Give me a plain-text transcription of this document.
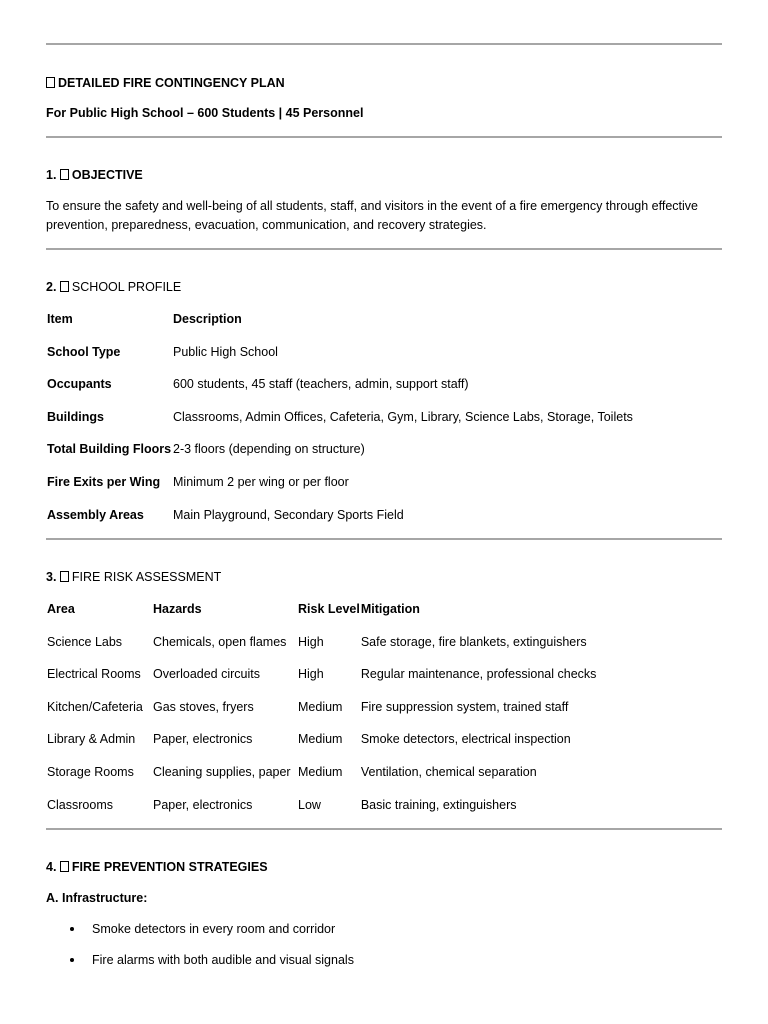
DETAILED FIRE CONTINGENCY PLAN
For Public High School – 600 Students | 45 Personnel
1. OBJECTIVE
To ensure the safety and well-being of all students, staff, and visitors in the event of a fire emergency through effective prevention, preparedness, evacuation, communication, and recovery strategies.
2. SCHOOL PROFILE
Item	Description
School Type	Public High School
Occupants	600 students, 45 staff (teachers, admin, support staff)
Buildings	Classrooms, Admin Offices, Cafeteria, Gym, Library, Science Labs, Storage, Toilets
Total Building Floors	2-3 floors (depending on structure)
Fire Exits per Wing	Minimum 2 per wing or per floor
Assembly Areas	Main Playground, Secondary Sports Field
3. FIRE RISK ASSESSMENT
Area	Hazards	Risk Level	Mitigation
Science Labs	Chemicals, open flames	High	Safe storage, fire blankets, extinguishers
Electrical Rooms	Overloaded circuits	High	Regular maintenance, professional checks
Kitchen/Cafeteria	Gas stoves, fryers	Medium	Fire suppression system, trained staff
Library & Admin	Paper, electronics	Medium	Smoke detectors, electrical inspection
Storage Rooms	Cleaning supplies, paper	Medium	Ventilation, chemical separation
Classrooms	Paper, electronics	Low	Basic training, extinguishers
4. FIRE PREVENTION STRATEGIES
A. Infrastructure:
Smoke detectors in every room and corridor
Fire alarms with both audible and visual signals
